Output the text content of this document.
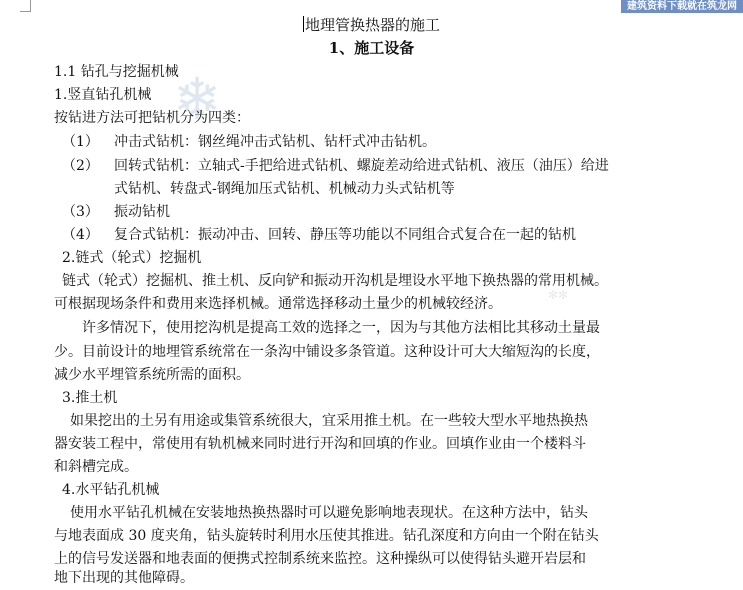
建筑资料下载就在筑龙网
❄
✻✻
地理管换热器的施工
1、施工设备
1.1 钻孔与挖掘机械
1.竖直钻孔机械
按钻进方法可把钻机分为四类：
（1） 冲击式钻机：钢丝绳冲击式钻机、钻杆式冲击钻机。
（2） 回转式钻机：立轴式-手把给进式钻机、螺旋差动给进式钻机、液压（油压）给进
式钻机、转盘式-钢绳加压式钻机、机械动力头式钻机等
（3） 振动钻机
（4） 复合式钻机：振动冲击、回转、静压等功能以不同组合式复合在一起的钻机
2.链式（轮式）挖掘机
链式（轮式）挖掘机、推土机、反向铲和振动开沟机是埋设水平地下换热器的常用机械。
可根据现场条件和费用来选择机械。通常选择移动土量少的机械较经济。
许多情况下，使用挖沟机是提高工效的选择之一，因为与其他方法相比其移动土量最
少。目前设计的地埋管系统常在一条沟中铺设多条管道。这种设计可大大缩短沟的长度，
减少水平埋管系统所需的面积。
3.推土机
如果挖出的土另有用途或集管系统很大，宜采用推土机。在一些较大型水平地热换热
器安装工程中，常使用有轨机械来同时进行开沟和回填的作业。回填作业由一个楼料斗
和斜槽完成。
4.水平钻孔机械
使用水平钻孔机械在安装地热换热器时可以避免影响地表现状。在这种方法中，钻头
与地表面成 30 度夹角，钻头旋转时利用水压使其推进。钻孔深度和方向由一个附在钻头
上的信号发送器和地表面的便携式控制系统来监控。这种操纵可以使得钻头避开岩层和
地下出现的其他障碍。
